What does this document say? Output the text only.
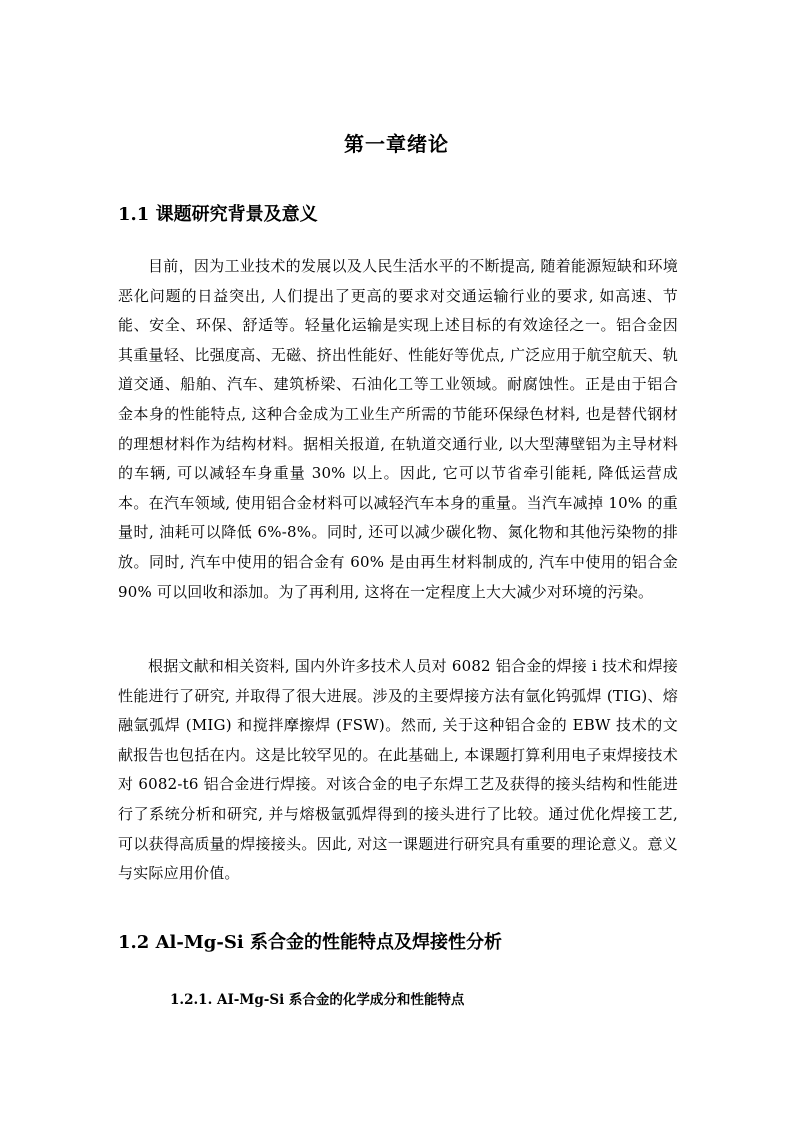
第一章绪论
1.1 课题研究背景及意义

目前，因为工业技术的发展以及人民生活水平的不断提高, 随着能源短缺和环境恶化问题的日益突出, 人们提出了更高的要求对交通运输行业的要求, 如高速、节能、安全、环保、舒适等。轻量化运输是实现上述目标的有效途径之一。铝合金因其重量轻、比强度高、无磁、挤出性能好、性能好等优点, 广泛应用于航空航天、轨道交通、船舶、汽车、建筑桥梁、石油化工等工业领域。耐腐蚀性。正是由于铝合金本身的性能特点, 这种合金成为工业生产所需的节能环保绿色材料, 也是替代钢材的理想材料作为结构材料。据相关报道, 在轨道交通行业, 以大型薄壁铝为主导材料的车辆, 可以减轻车身重量 30% 以上。因此, 它可以节省牵引能耗, 降低运营成本。在汽车领域, 使用铝合金材料可以减轻汽车本身的重量。当汽车减掉 10% 的重量时, 油耗可以降低 6%-8%。同时, 还可以减少碳化物、氮化物和其他污染物的排放。同时, 汽车中使用的铝合金有 60% 是由再生材料制成的, 汽车中使用的铝合金 90% 可以回收和添加。为了再利用, 这将在一定程度上大大减少对环境的污染。

根据文献和相关资料, 国内外许多技术人员对 6082 铝合金的焊接 i 技术和焊接性能进行了研究, 并取得了很大进展。涉及的主要焊接方法有氩化钨弧焊 (TIG)、熔融氩弧焊 (MIG) 和搅拌摩擦焊 (FSW)。然而, 关于这种铝合金的 EBW 技术的文献报告也包括在内。这是比较罕见的。在此基础上, 本课题打算利用电子束焊接技术对 6082-t6 铝合金进行焊接。对该合金的电子东焊工艺及获得的接头结构和性能进行了系统分析和研究, 并与熔极氩弧焊得到的接头进行了比较。通过优化焊接工艺, 可以获得高质量的焊接接头。因此, 对这一课题进行研究具有重要的理论意义。意义与实际应用价值。

1.2 Al-Mg-Si 系合金的性能特点及焊接性分析
1.2.1. AI-Mg-Si 系合金的化学成分和性能特点
